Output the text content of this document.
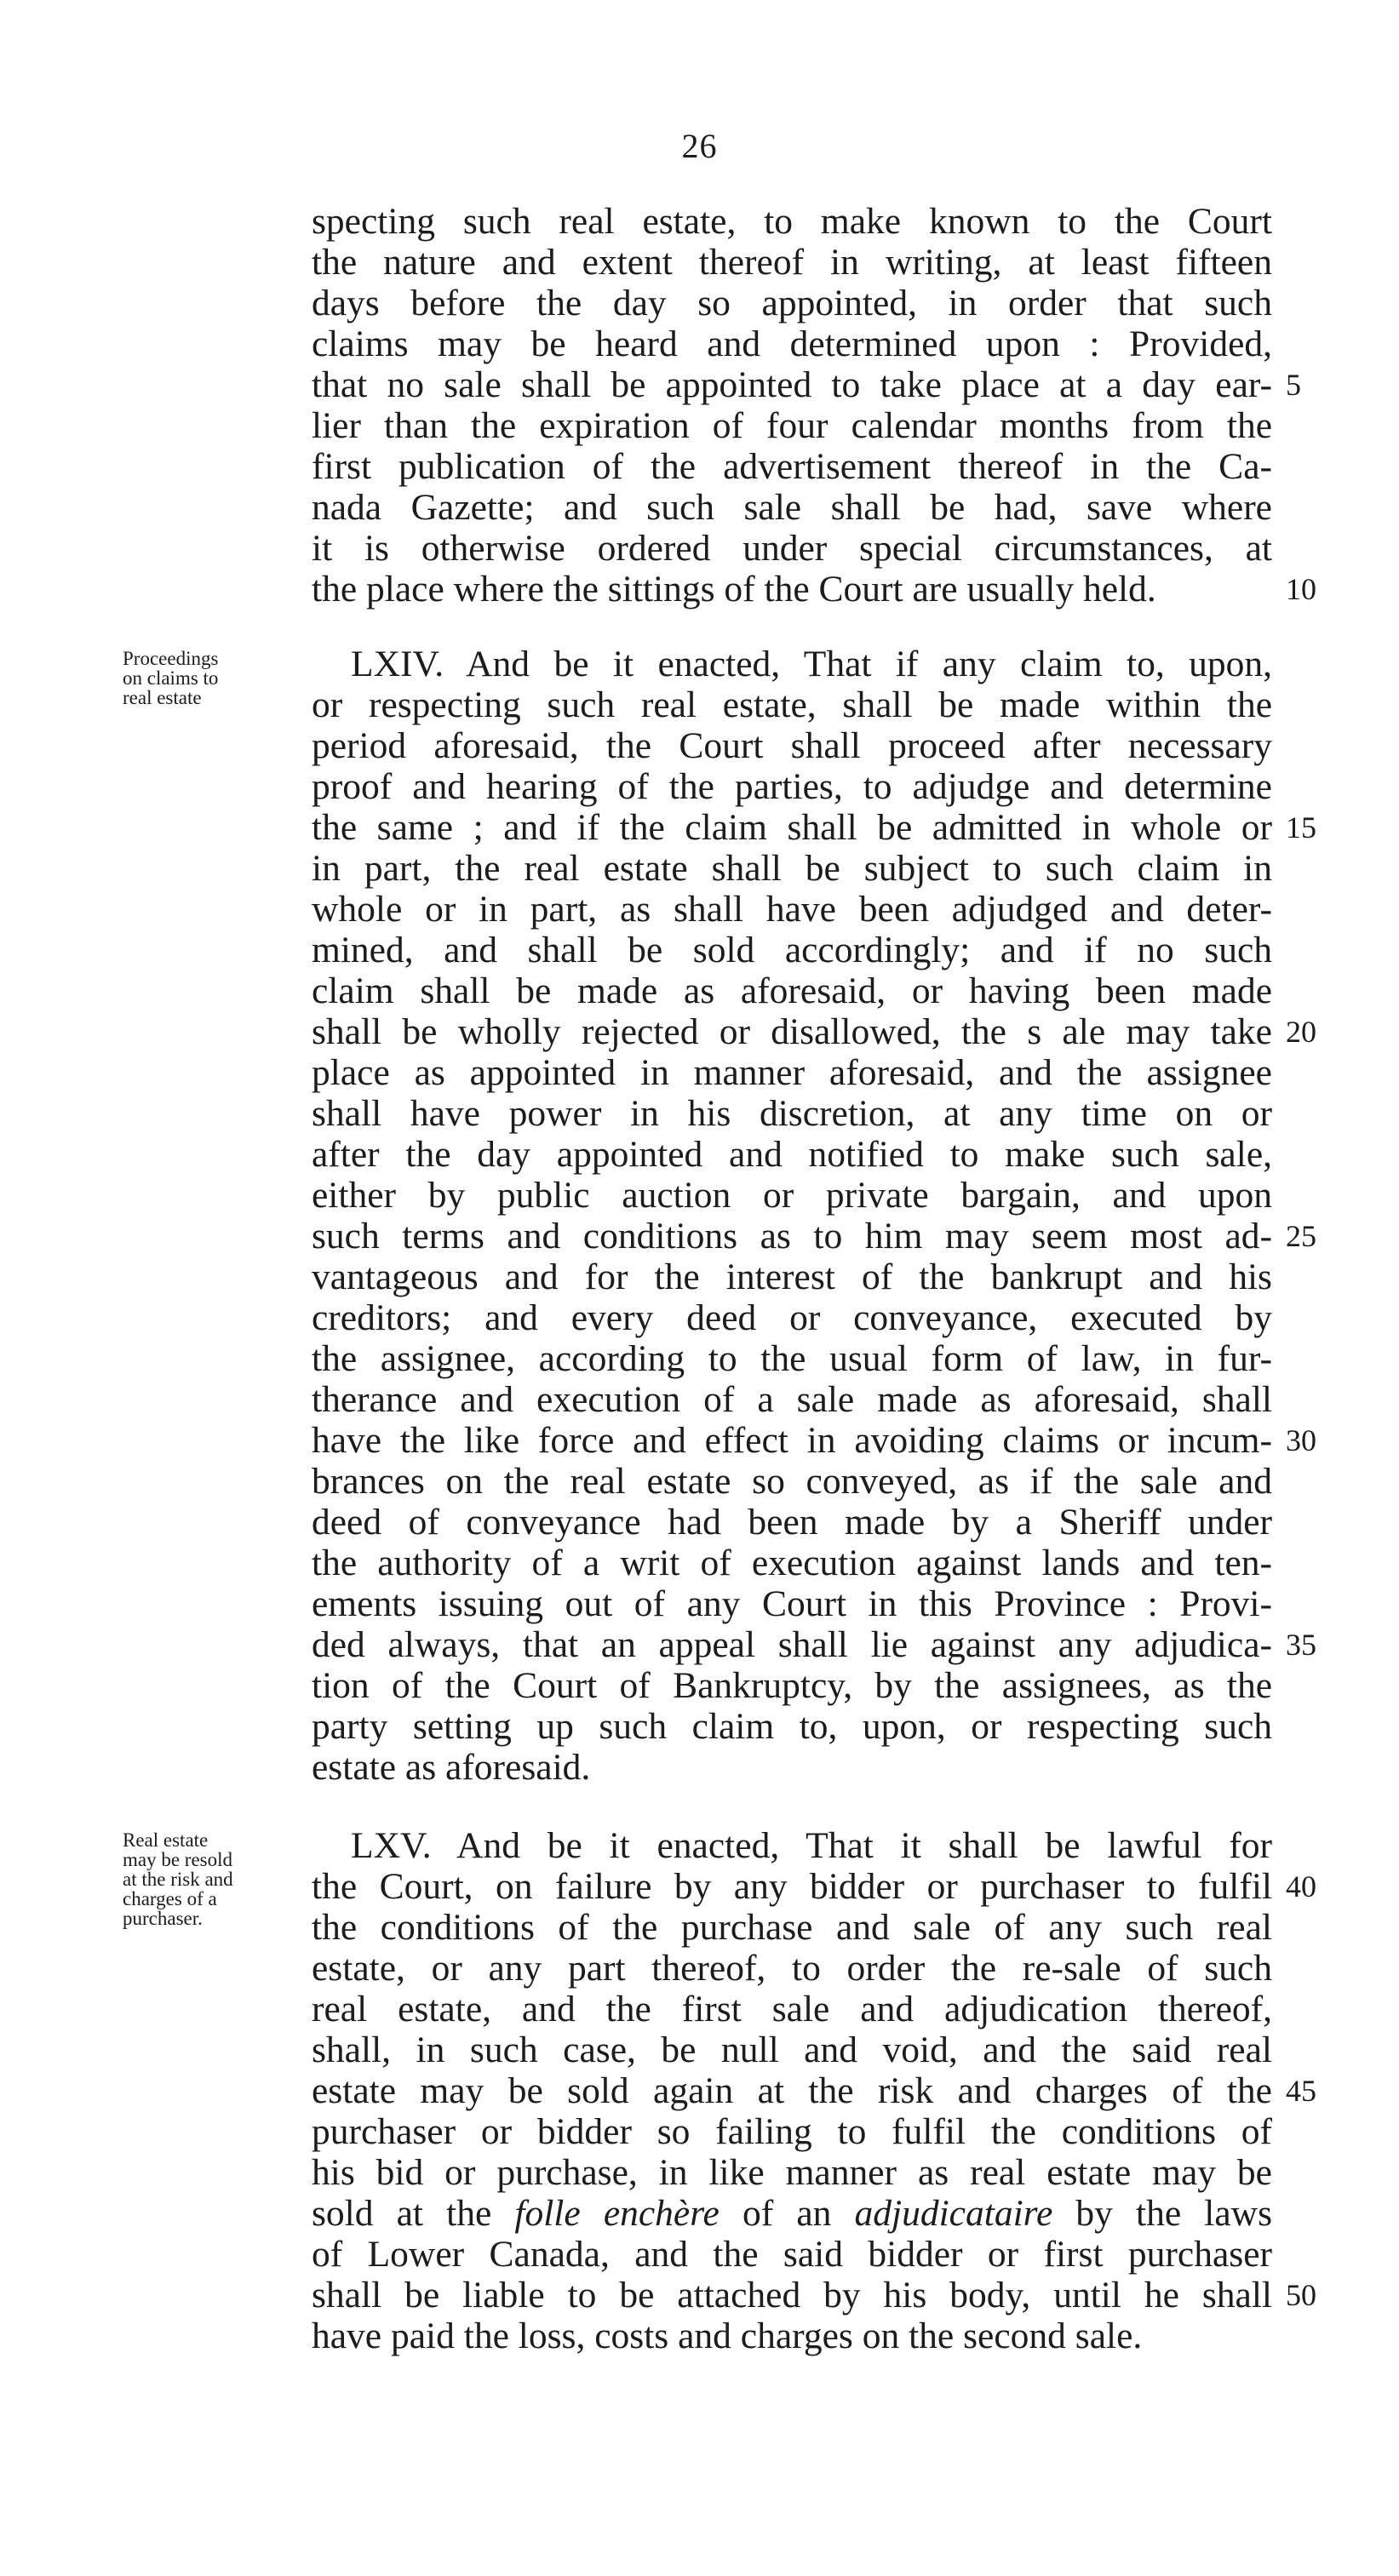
26
specting such real estate, to make known to the Court
the nature and extent thereof in writing, at least fifteen
days before the day so appointed, in order that such
claims may be heard and determined upon : Provided,
that no sale shall be appointed to take place at a day ear-
lier than the expiration of four calendar months from the
first publication of the advertisement thereof in the Ca-
nada Gazette; and such sale shall be had, save where
it is otherwise ordered under special circumstances, at
the place where the sittings of the Court are usually held.
LXIV. And be it enacted, That if any claim to, upon,
or respecting such real estate, shall be made within the
period aforesaid, the Court shall proceed after necessary
proof and hearing of the parties, to adjudge and determine
the same ; and if the claim shall be admitted in whole or
in part, the real estate shall be subject to such claim in
whole or in part, as shall have been adjudged and deter-
mined, and shall be sold accordingly; and if no such
claim shall be made as aforesaid, or having been made
shall be wholly rejected or disallowed, the s ale may take
place as appointed in manner aforesaid, and the assignee
shall have power in his discretion, at any time on or
after the day appointed and notified to make such sale,
either by public auction or private bargain, and upon
such terms and conditions as to him may seem most ad-
vantageous and for the interest of the bankrupt and his
creditors; and every deed or conveyance, executed by
the assignee, according to the usual form of law, in fur-
therance and execution of a sale made as aforesaid, shall
have the like force and effect in avoiding claims or incum-
brances on the real estate so conveyed, as if the sale and
deed of conveyance had been made by a Sheriff under
the authority of a writ of execution against lands and ten-
ements issuing out of any Court in this Province : Provi-
ded always, that an appeal shall lie against any adjudica-
tion of the Court of Bankruptcy, by the assignees, as the
party setting up such claim to, upon, or respecting such
estate as aforesaid.
Proceedings
on claims to
real estate
LXV. And be it enacted, That it shall be lawful for
the Court, on failure by any bidder or purchaser to fulfil
the conditions of the purchase and sale of any such real
estate, or any part thereof, to order the re-sale of such
real estate, and the first sale and adjudication thereof,
shall, in such case, be null and void, and the said real
estate may be sold again at the risk and charges of the
purchaser or bidder so failing to fulfil the conditions of
his bid or purchase, in like manner as real estate may be
sold at the folle enchère of an adjudicataire by the laws
of Lower Canada, and the said bidder or first purchaser
shall be liable to be attached by his body, until he shall
have paid the loss, costs and charges on the second sale.
Real estate
may be resold
at the risk and
charges of a
purchaser.
5
10
15
20
25
30
35
40
45
50
